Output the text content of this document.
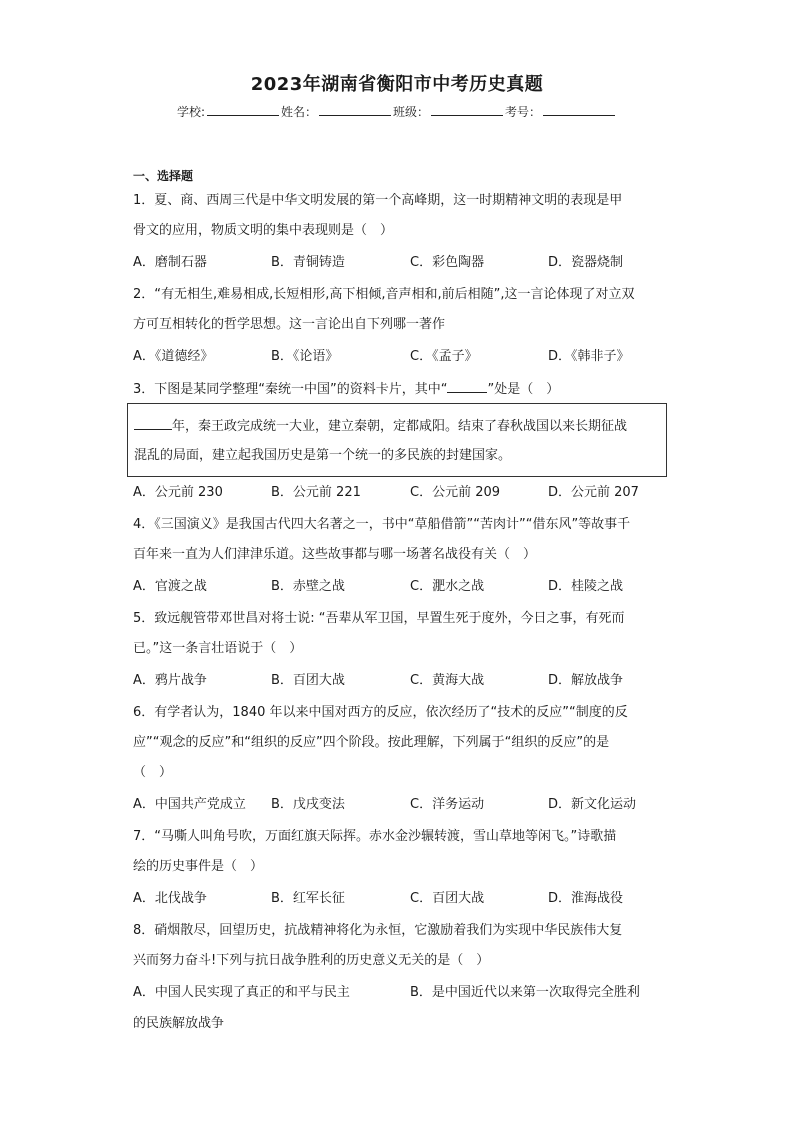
2023年湖南省衡阳市中考历史真题
学校:	姓名：	班级：	考号：
一、选择题
1．夏、商、西周三代是中华文明发展的第一个高峰期，这一时期精神文明的表现是甲
骨文的应用，物质文明的集中表现则是（　）
A．磨制石器	B．青铜铸造	C．彩色陶器	D．瓷器烧制
2．“有无相生,难易相成,长短相形,高下相倾,音声相和,前后相随”,这一言论体现了对立双
方可互相转化的哲学思想。这一言论出自下列哪一著作
A．《道德经》	B．《论语》	C．《孟子》	D．《韩非子》
3．下图是某同学整理“秦统一中国”的资料卡片，其中“	”处是（　）
年，秦王政完成统一大业，建立秦朝，定都咸阳。结束了春秋战国以来长期征战
混乱的局面，建立起我国历史是第一个统一的多民族的封建国家。
A．公元前 230	B．公元前 221	C．公元前 209	D．公元前 207
4．《三国演义》是我国古代四大名著之一，书中“草船借箭”“苦肉计”“借东风”等故事千
百年来一直为人们津津乐道。这些故事都与哪一场著名战役有关（　）
A．官渡之战	B．赤壁之战	C．淝水之战	D．桂陵之战
5．致远舰管带邓世昌对将士说: “吾辈从军卫国，早置生死于度外，今日之事，有死而
已。”这一条言壮语说于（　）
A．鸦片战争	B．百团大战	C．黄海大战	D．解放战争
6．有学者认为，1840 年以来中国对西方的反应，依次经历了“技术的反应”“制度的反
应”“观念的反应”和“组织的反应”四个阶段。按此理解，下列属于“组织的反应”的是
（　）
A．中国共产党成立 B．戊戌变法	C．洋务运动	D．新文化运动
7．“马嘶人叫角号吹，万面红旗天际挥。赤水金沙辗转渡，雪山草地等闲飞。”诗歌描
绘的历史事件是（　）
A．北伐战争	B．红军长征	C．百团大战	D．淮海战役
8．硝烟散尽，回望历史，抗战精神将化为永恒，它激励着我们为实现中华民族伟大复
兴而努力奋斗!下列与抗日战争胜利的历史意义无关的是（　）
A．中国人民实现了真正的和平与民主	B．是中国近代以来第一次取得完全胜利
的民族解放战争
